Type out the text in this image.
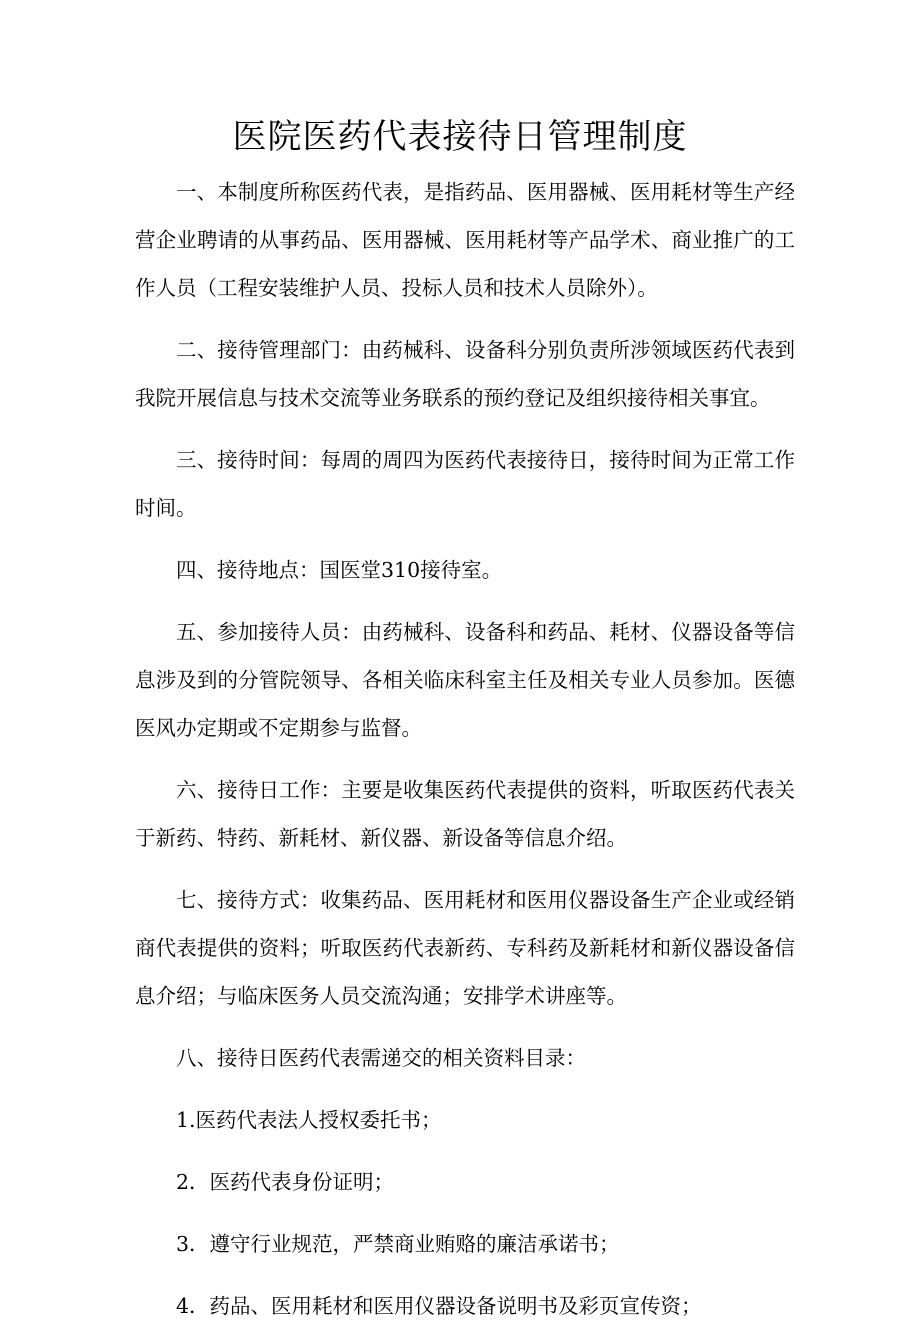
医院医药代表接待日管理制度

一、本制度所称医药代表，是指药品、医用器械、医用耗材等生产经营企业聘请的从事药品、医用器械、医用耗材等产品学术、商业推广的工作人员（工程安装维护人员、投标人员和技术人员除外）。

二、接待管理部门：由药械科、设备科分别负责所涉领域医药代表到我院开展信息与技术交流等业务联系的预约登记及组织接待相关事宜。

三、接待时间：每周的周四为医药代表接待日，接待时间为正常工作时间。

四、接待地点：国医堂310接待室。

五、参加接待人员：由药械科、设备科和药品、耗材、仪器设备等信息涉及到的分管院领导、各相关临床科室主任及相关专业人员参加。医德医风办定期或不定期参与监督。

六、接待日工作：主要是收集医药代表提供的资料，听取医药代表关于新药、特药、新耗材、新仪器、新设备等信息介绍。

七、接待方式：收集药品、医用耗材和医用仪器设备生产企业或经销商代表提供的资料；听取医药代表新药、专科药及新耗材和新仪器设备信息介绍；与临床医务人员交流沟通；安排学术讲座等。

八、接待日医药代表需递交的相关资料目录：

1.医药代表法人授权委托书；

2．医药代表身份证明；

3．遵守行业规范，严禁商业贿赂的廉洁承诺书；

4．药品、医用耗材和医用仪器设备说明书及彩页宣传资；
